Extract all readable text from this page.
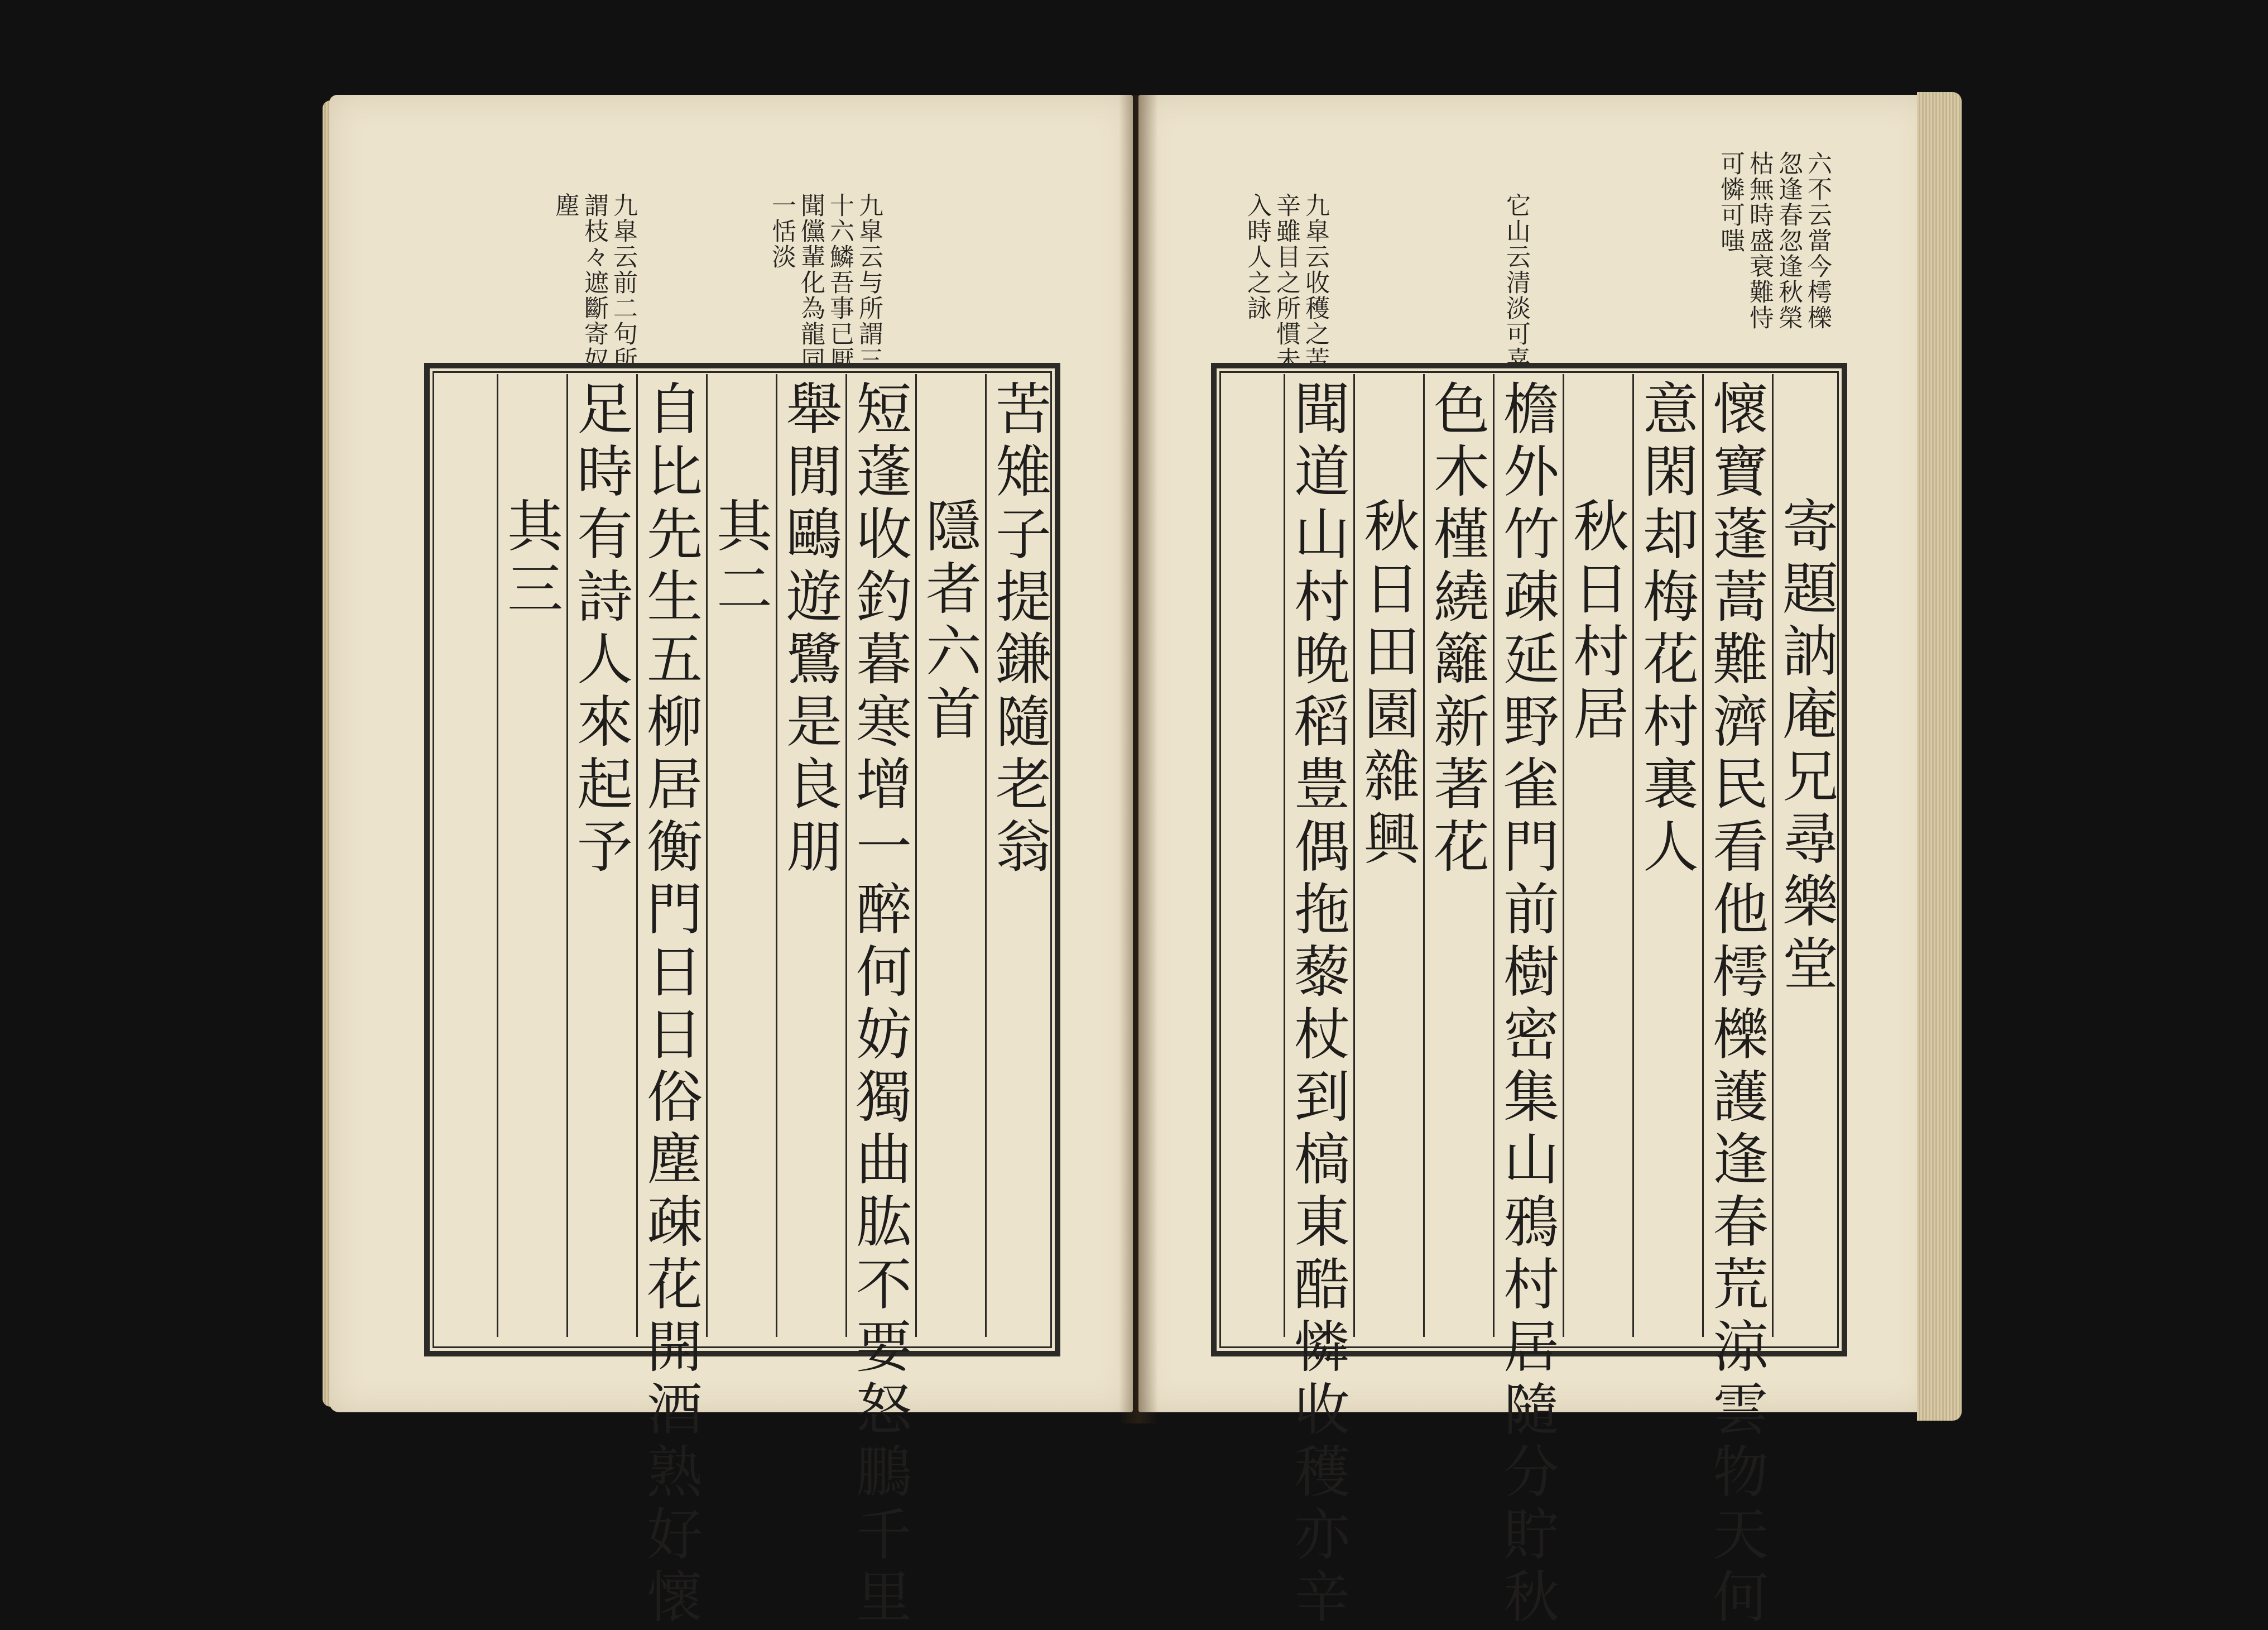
九皐云与所謂三
十六鱗吾事已厭
聞儻輩化為龍同
一恬淡
九皐云前二句所
謂枝々遮斷寄奴
塵
苦雉子提鎌隨老翁
隱者六首
短蓬收釣暮寒增一醉何妨獨曲肱不要怒鵬千里
舉閒鷗遊鷺是良朋
其二
自比先生五柳居衡門日日俗塵疎花開酒熟好懷
足時有詩人來起予
其三
六不云當今樗櫟
忽逢春忽逢秋榮
枯無時盛衰難恃
可憐可嗤
它山云清淡可喜
九皐云收穫之苦
辛雖目之所慣未
入時人之詠
寄題訥庵兄尋樂堂
懷寶蓬蒿難濟民看他樗櫟護逢春荒涼雲物天何
意閑却梅花村裏人
秋日村居
檐外竹疎延野雀門前樹密集山鴉村居隨分貯秋
色木槿繞籬新著花
秋日田園雜興
聞道山村晚稻豊偶拖藜杖到槁東酷憐收穫亦辛
